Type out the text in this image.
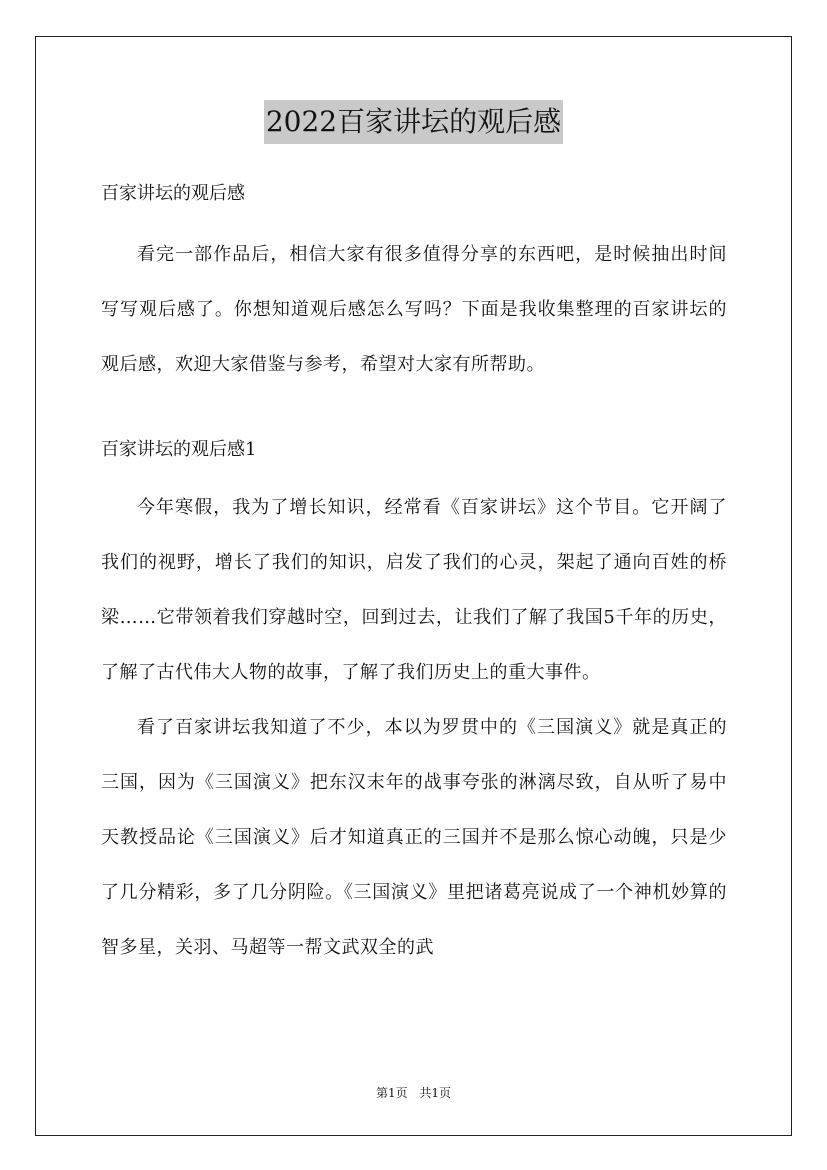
2022百家讲坛的观后感

百家讲坛的观后感

看完一部作品后，相信大家有很多值得分享的东西吧，是时候抽出时间写写观后感了。你想知道观后感怎么写吗？下面是我收集整理的百家讲坛的观后感，欢迎大家借鉴与参考，希望对大家有所帮助。

百家讲坛的观后感1

今年寒假，我为了增长知识，经常看《百家讲坛》这个节目。它开阔了我们的视野，增长了我们的知识，启发了我们的心灵，架起了通向百姓的桥梁……它带领着我们穿越时空，回到过去，让我们了解了我国5千年的历史，了解了古代伟大人物的故事，了解了我们历史上的重大事件。

看了百家讲坛我知道了不少，本以为罗贯中的《三国演义》就是真正的三国，因为《三国演义》把东汉末年的战事夸张的淋漓尽致，自从听了易中天教授品论《三国演义》后才知道真正的三国并不是那么惊心动魄，只是少了几分精彩，多了几分阴险。《三国演义》里把诸葛亮说成了一个神机妙算的智多星，关羽、马超等一帮文武双全的武

第1页 共1页
